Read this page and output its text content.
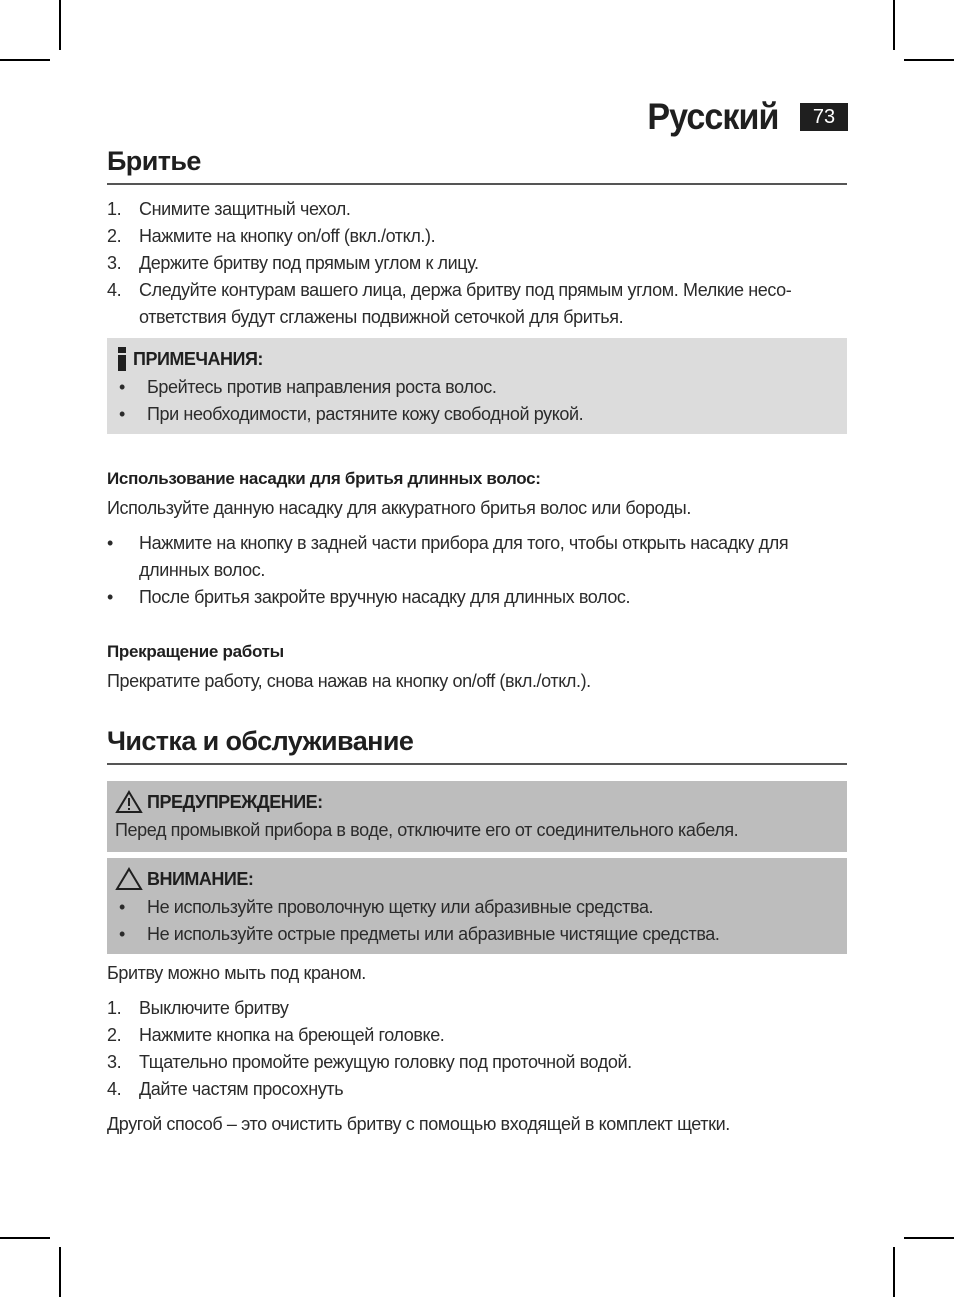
Русский	73
Бритье
1. Снимите защитный чехол.
2. Нажмите на кнопку on/off (вкл./откл.).
3. Держите бритву под прямым углом к лицу.
4. Следуйте контурам вашего лица, держа бритву под прямым углом. Мелкие несо-ответствия будут сглажены подвижной сеточкой для бритья.
ПРИМЕЧАНИЯ:
•	Брейтесь против направления роста волос.
•	При необходимости, растяните кожу свободной рукой.
Использование насадки для бритья длинных волос:

Используйте данную насадку для аккуратного бритья волос или бороды.

•	Нажмите на кнопку в задней части прибора для того, чтобы открыть насадку для длинных волос.
•	После бритья закройте вручную насадку для длинных волос.
Прекращение работы

Прекратите работу, снова нажав на кнопку on/off (вкл./откл.).

Чистка и обслуживание
ПРЕДУПРЕЖДЕНИЕ:

Перед промывкой прибора в воде, отключите его от соединительного кабеля.

ВНИМАНИЕ:
•	Не используйте проволочную щетку или абразивные средства.
•	Не используйте острые предметы или абразивные чистящие средства.

Бритву можно мыть под краном.

1. Выключите бритву
2. Нажмите кнопка на бреющей головке.
3. Тщательно промойте режущую головку под проточной водой.
4. Дайте частям просохнуть

Другой способ – это очистить бритву с помощью входящей в комплект щетки.
